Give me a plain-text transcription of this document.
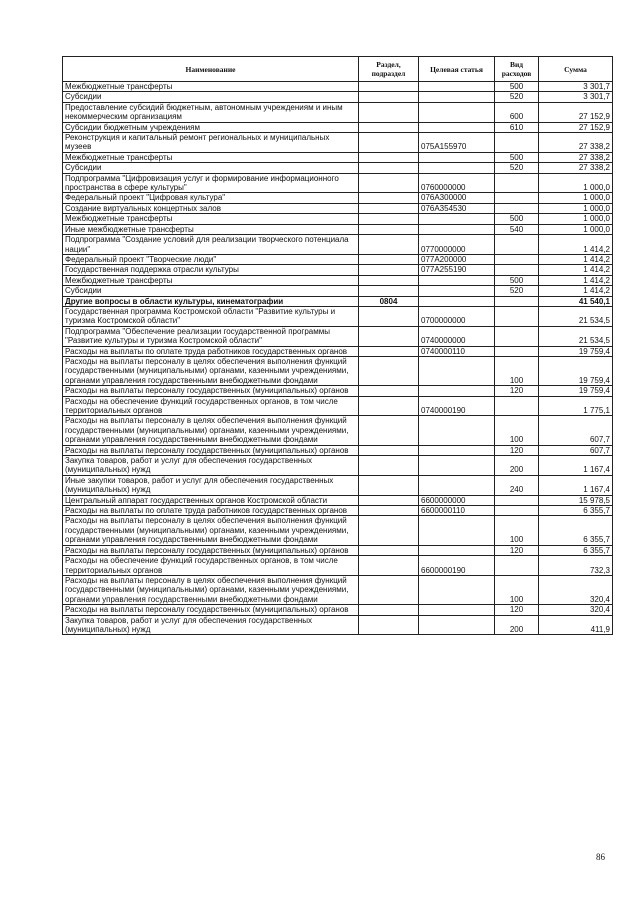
Наименование	Раздел, подраздел	Целевая статья	Вид расходов	Сумма
Межбюджетные трансферты			500	3 301,7
Субсидии			520	3 301,7
Предоставление субсидий бюджетным, автономным учреждениям и иным некоммерческим организациям			600	27 152,9
Субсидии бюджетным учреждениям			610	27 152,9
Реконструкция и капитальный ремонт региональных и муниципальных музеев		075А155970		27 338,2
Межбюджетные трансферты			500	27 338,2
Субсидии			520	27 338,2
Подпрограмма "Цифровизация услуг и формирование информационного пространства в сфере культуры"		0760000000		1 000,0
Федеральный проект "Цифровая культура"		076А300000		1 000,0
Создание виртуальных концертных залов		076А354530		1 000,0
Межбюджетные трансферты			500	1 000,0
Иные межбюджетные трансферты			540	1 000,0
Подпрограмма "Создание условий для реализации творческого потенциала нации"		0770000000		1 414,2
Федеральный проект "Творческие люди"		077А200000		1 414,2
Государственная поддержка отрасли культуры		077А255190		1 414,2
Межбюджетные трансферты			500	1 414,2
Субсидии			520	1 414,2
Другие вопросы в области культуры, кинематографии	0804			41 540,1
Государственная программа Костромской области "Развитие культуры и туризма Костромской области"		0700000000		21 534,5
Подпрограмма "Обеспечение реализации государственной программы "Развитие культуры и туризма Костромской области"		0740000000		21 534,5
Расходы на выплаты по оплате труда работников государственных органов		0740000110		19 759,4
Расходы на выплаты персоналу в целях обеспечения выполнения функций государственными (муниципальными) органами, казенными учреждениями, органами управления государственными внебюджетными фондами			100	19 759,4
Расходы на выплаты персоналу государственных (муниципальных) органов			120	19 759,4
Расходы на обеспечение функций государственных органов, в том числе территориальных органов		0740000190		1 775,1
Расходы на выплаты персоналу в целях обеспечения выполнения функций государственными (муниципальными) органами, казенными учреждениями, органами управления государственными внебюджетными фондами			100	607,7
Расходы на выплаты персоналу государственных (муниципальных) органов			120	607,7
Закупка товаров, работ и услуг для обеспечения государственных (муниципальных) нужд			200	1 167,4
Иные закупки товаров, работ и услуг для обеспечения государственных (муниципальных) нужд			240	1 167,4
Центральный аппарат государственных органов Костромской области		6600000000		15 978,5
Расходы на выплаты по оплате труда работников государственных органов		6600000110		6 355,7
Расходы на выплаты персоналу в целях обеспечения выполнения функций государственными (муниципальными) органами, казенными учреждениями, органами управления государственными внебюджетными фондами			100	6 355,7
Расходы на выплаты персоналу государственных (муниципальных) органов			120	6 355,7
Расходы на обеспечение функций государственных органов, в том числе территориальных органов		6600000190		732,3
Расходы на выплаты персоналу в целях обеспечения выполнения функций государственными (муниципальными) органами, казенными учреждениями, органами управления государственными внебюджетными фондами			100	320,4
Расходы на выплаты персоналу государственных (муниципальных) органов			120	320,4
Закупка товаров, работ и услуг для обеспечения государственных (муниципальных) нужд			200	411,9
86
